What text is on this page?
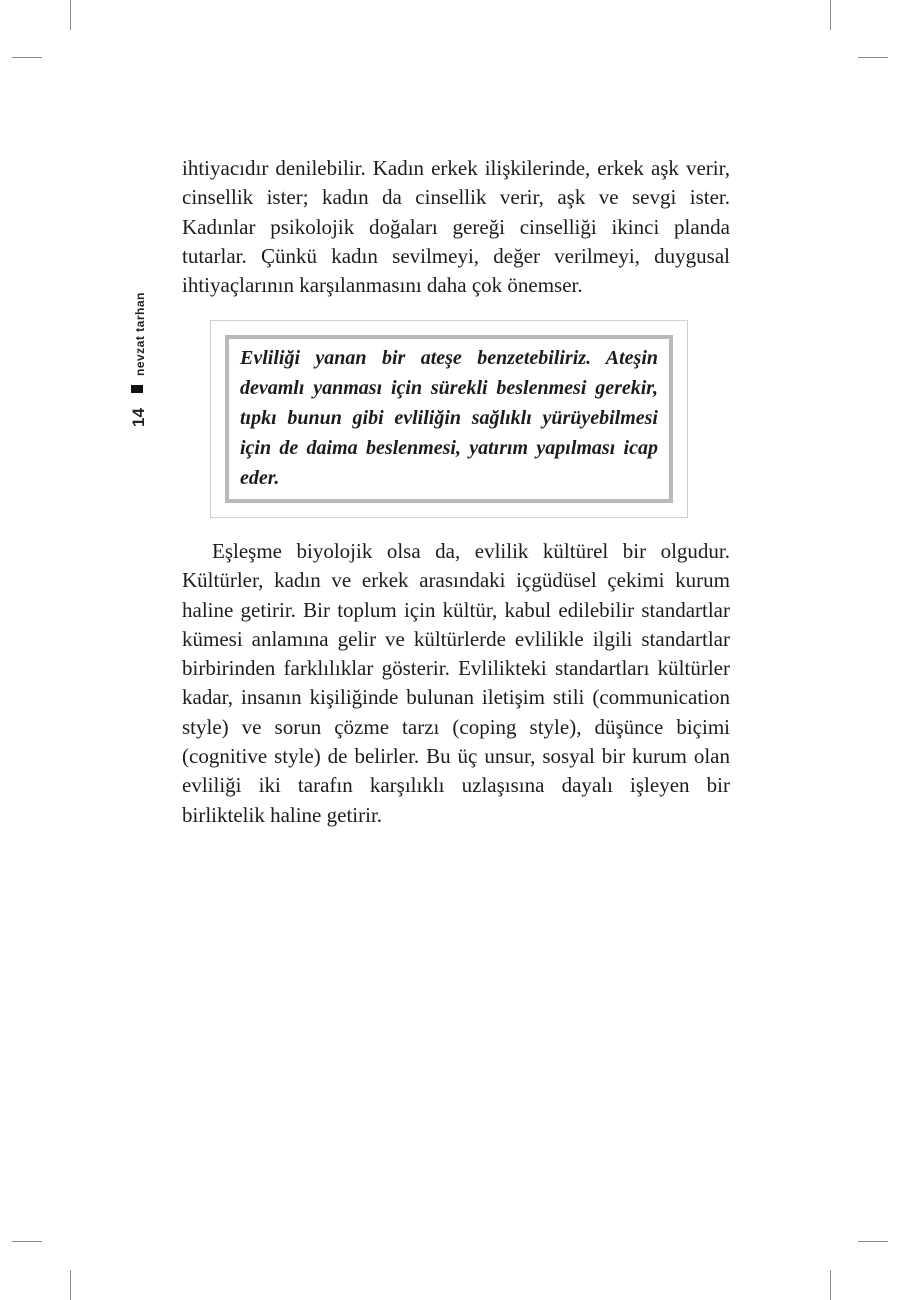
nevzat tarhan
14

ihtiyacıdır denilebilir. Kadın erkek ilişkilerinde, erkek aşk verir, cinsellik ister; kadın da cinsellik verir, aşk ve sevgi ister. Kadınlar psikolojik doğaları gereği cinselliği ikinci planda tutarlar. Çünkü kadın sevilmeyi, değer verilmeyi, duygusal ihtiyaçlarının karşılanmasını daha çok önemser.

Evliliği yanan bir ateşe benzetebiliriz. Ateşin devamlı yanması için sürekli beslenmesi gerekir, tıpkı bunun gibi evliliğin sağlıklı yürüyebilmesi için de daima beslenmesi, yatırım yapılması icap eder.

Eşleşme biyolojik olsa da, evlilik kültürel bir olgudur. Kültürler, kadın ve erkek arasındaki içgüdüsel çekimi kurum haline getirir. Bir toplum için kültür, kabul edilebilir standartlar kümesi anlamına gelir ve kültürlerde evlilikle ilgili standartlar birbirinden farklılıklar gösterir. Evlilikteki standartları kültürler kadar, insanın kişiliğinde bulunan iletişim stili (communication style) ve sorun çözme tarzı (coping style), düşünce biçimi (cognitive style) de belirler. Bu üç unsur, sosyal bir kurum olan evliliği iki tarafın karşılıklı uzlaşısına dayalı işleyen bir birliktelik haline getirir.
